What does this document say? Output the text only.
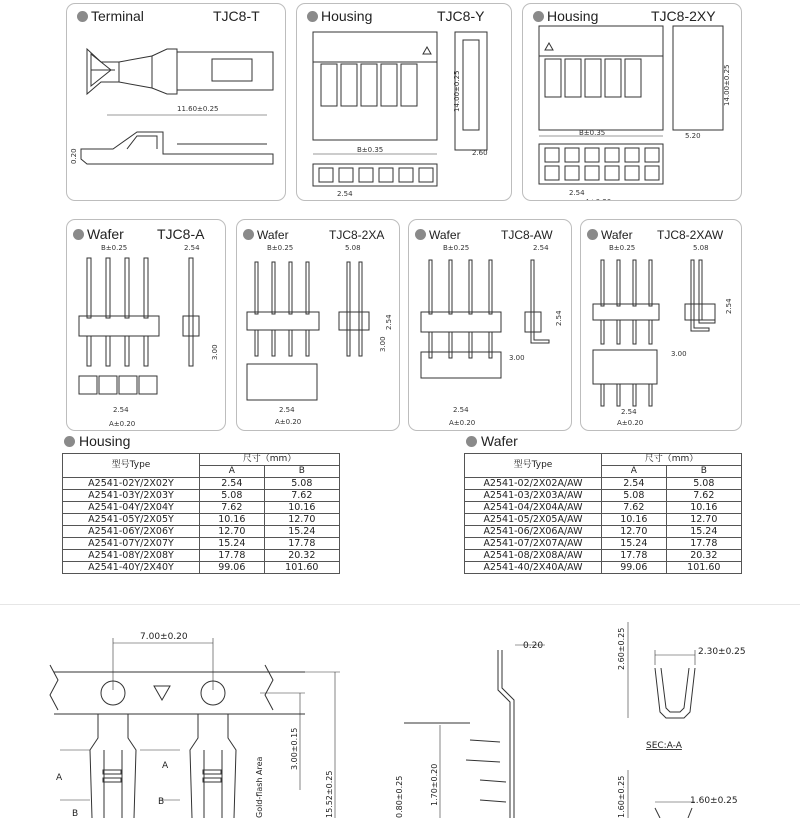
Terminal	TJC8-T
11.60±0.25
0.20
Housing	TJC8-Y
B±0.35
2.54
A±0.20
14.00±0.25
2.60
Housing	TJC8-2XY
B±0.35
2.54
A±0.20
14.00±0.25
5.20
Wafer TJC8-A
B±0.25	2.54
3.00
2.54
A±0.20
Wafer	TJC8-2XA
B±0.25	5.08
2.54
3.00
2.54
A±0.20
Wafer	TJC8-AW
B±0.25	2.54
2.54
3.00
2.54
A±0.20
Wafer TJC8-2XAW
B±0.25	5.08
2.54
3.00
2.54
A±0.20
Housing
型号Type	尺寸（mm）	
	A	B
A2541-02Y/2X02Y	2.54	5.08
A2541-03Y/2X03Y	5.08	7.62
A2541-04Y/2X04Y	7.62	10.16
A2541-05Y/2X05Y	10.16	12.70
A2541-06Y/2X06Y	12.70	15.24
A2541-07Y/2X07Y	15.24	17.78
A2541-08Y/2X08Y	17.78	20.32
A2541-40Y/2X40Y	99.06	101.60
Wafer
型号Type	尺寸（mm）	
	A	B
A2541-02/2X02A/AW	2.54	5.08
A2541-03/2X03A/AW	5.08	7.62
A2541-04/2X04A/AW	7.62	10.16
A2541-05/2X05A/AW	10.16	12.70
A2541-06/2X06A/AW	12.70	15.24
A2541-07/2X07A/AW	15.24	17.78
A2541-08/2X08A/AW	17.78	20.32
A2541-40/2X40A/AW	99.06	101.60
7.00±0.20
3.00±0.15
15.52±0.25
A
A
B
B	Gold-flash Area
0.20
1.70±0.20
0.80±0.25
2.60±0.25	2.30±0.25
SEC:A-A
1.60±0.25
1.60±0.25
